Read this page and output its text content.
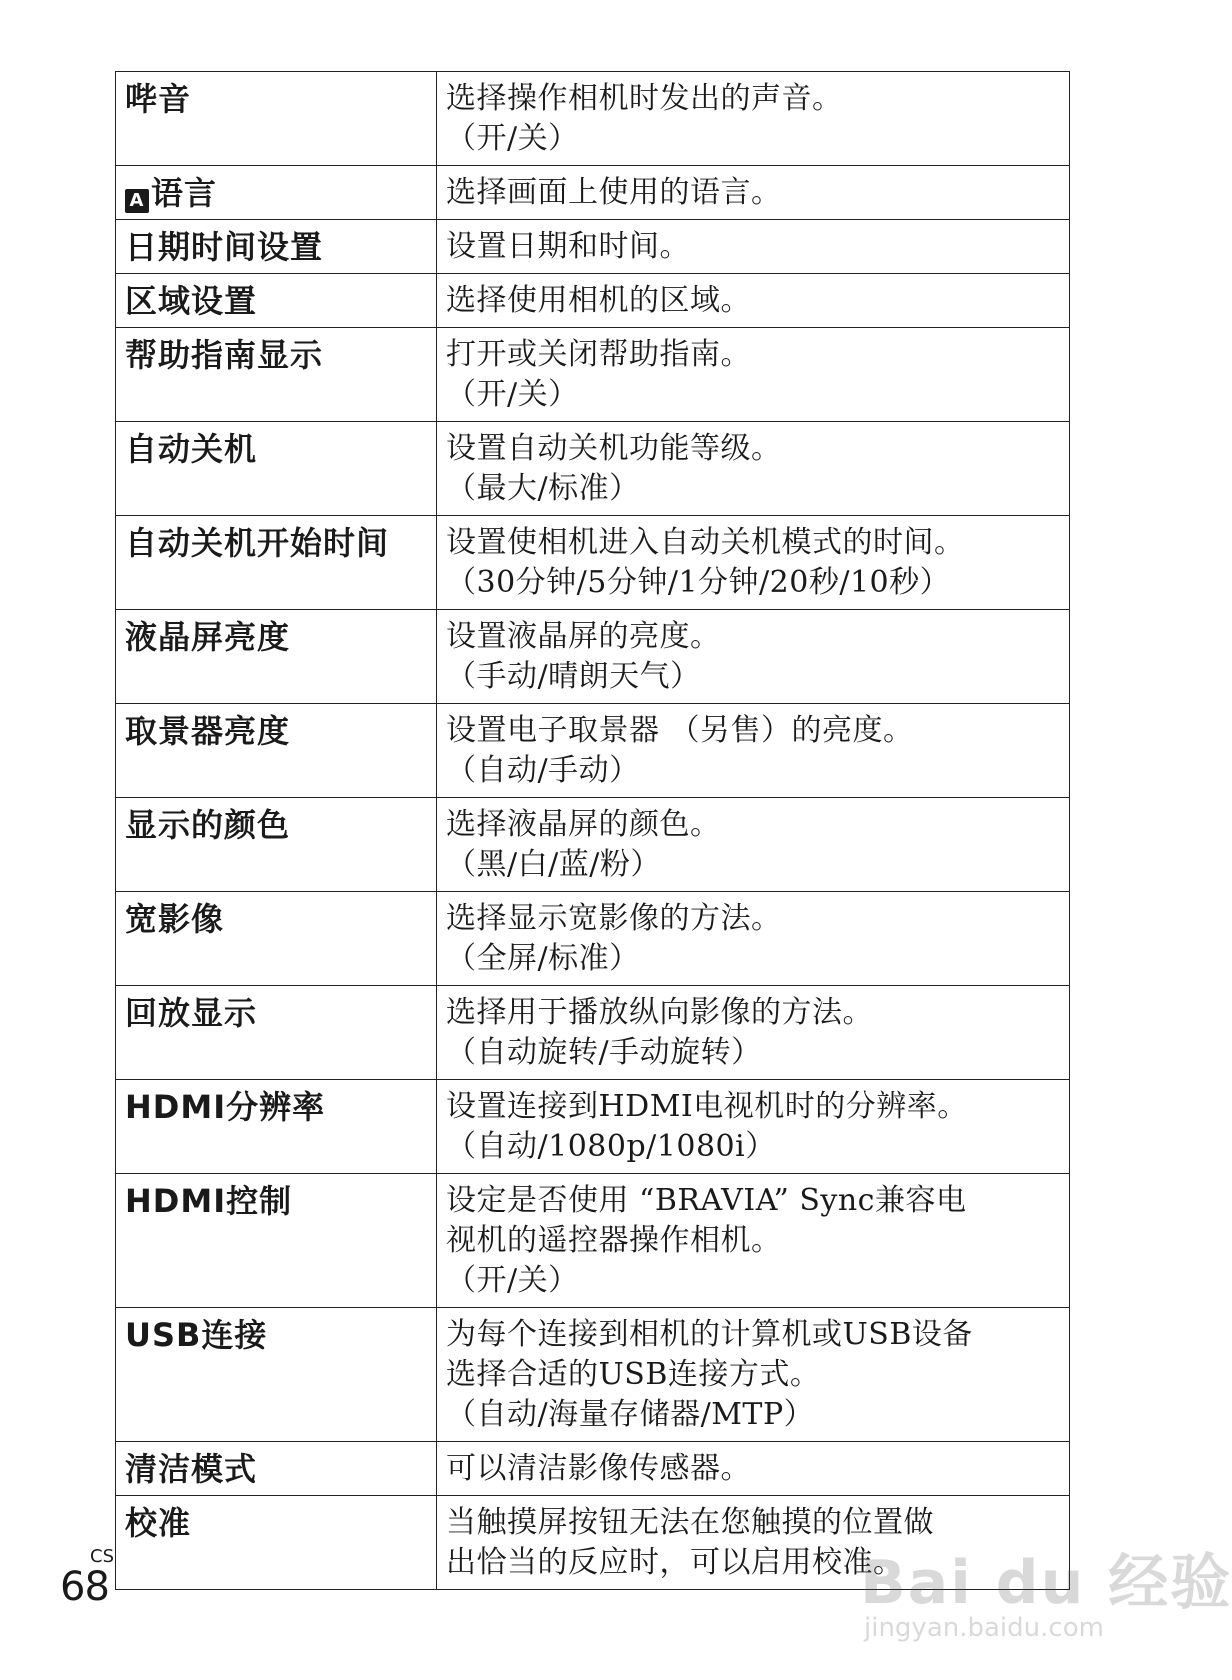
哔音	选择操作相机时发出的声音。
（开/关）

A 语言	选择画面上使用的语言。

日期时间设置	设置日期和时间。

区域设置	选择使用相机的区域。

帮助指南显示	打开或关闭帮助指南。
（开/关）

自动关机	设置自动关机功能等级。
（最大/标准）

自动关机开始时间	设置使相机进入自动关机模式的时间。
（30分钟/5分钟/1分钟/20秒/10秒）

液晶屏亮度	设置液晶屏的亮度。
（手动/晴朗天气）

取景器亮度	设置电子取景器 （另售）的亮度。
（自动/手动）

显示的颜色	选择液晶屏的颜色。
（黑/白/蓝/粉）

宽影像	选择显示宽影像的方法。
（全屏/标准）

回放显示	选择用于播放纵向影像的方法。
（自动旋转/手动旋转）

HDMI分辨率	设置连接到HDMI电视机时的分辨率。
（自动/1080p/1080i）

HDMI控制	设定是否使用 “BRAVIA” Sync兼容电
视机的遥控器操作相机。
（开/关）

USB连接	为每个连接到相机的计算机或USB设备
选择合适的USB连接方式。
（自动/海量存储器/MTP）

清洁模式	可以清洁影像传感器。

校准	当触摸屏按钮无法在您触摸的位置做
出恰当的反应时，可以启用校准。
CS
68	Bai du 经验
jingyan.baidu.com
